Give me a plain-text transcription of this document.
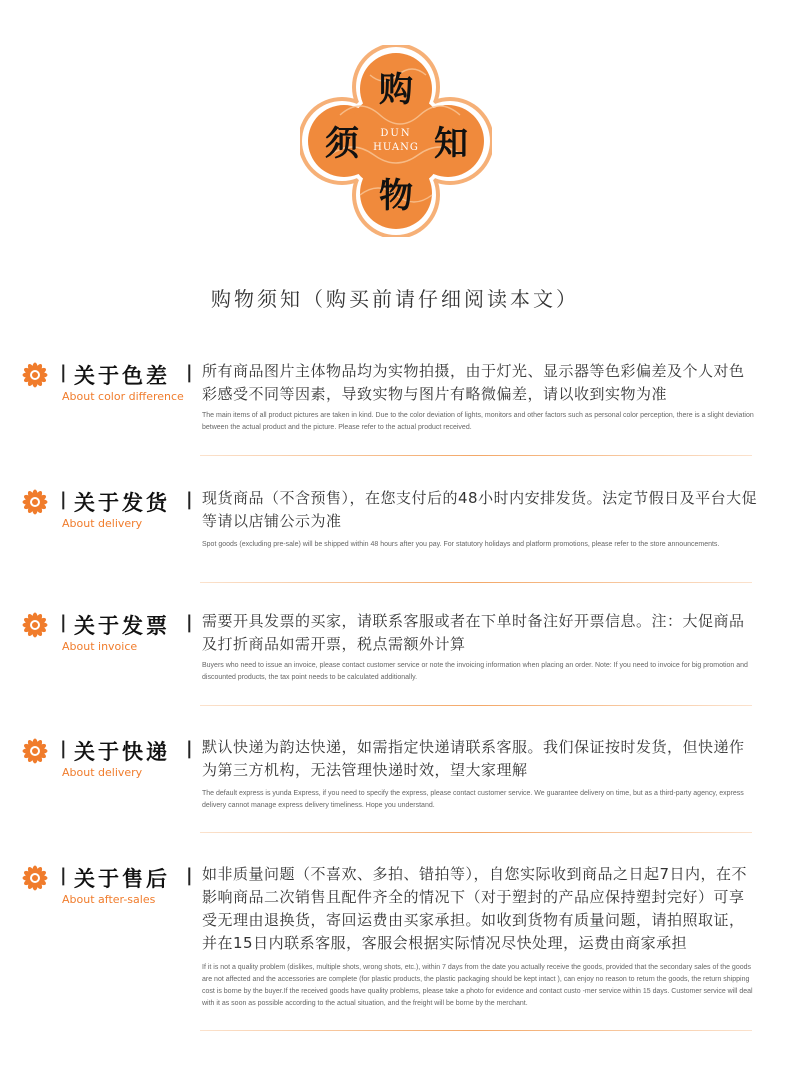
购
知
物
须 DUN
HUANG
购物须知（购买前请仔细阅读本文）
| 关于色差 |
About color difference
所有商品图片主体物品均为实物拍摄，由于灯光、显示器等色彩偏差及个人对色彩感受不同等因素，导致实物与图片有略微偏差，请以收到实物为准
The main items of all product pictures are taken in kind. Due to the color deviation of lights, monitors and other factors such as personal color perception, there is a slight deviation between the actual product and the picture. Please refer to the actual product received.
| 关于发货 |
About delivery
现货商品（不含预售），在您支付后的48小时内安排发货。法定节假日及平台大促等请以店铺公示为准
Spot goods (excluding pre-sale) will be shipped within 48 hours after you pay. For statutory holidays and platform promotions, please refer to the store announcements.
| 关于发票 |
About invoice
需要开具发票的买家，请联系客服或者在下单时备注好开票信息。注：大促商品及打折商品如需开票，税点需额外计算
Buyers who need to issue an invoice, please contact customer service or note the invoicing information when placing an order. Note: If you need to invoice for big promotion and discounted products, the tax point needs to be calculated additionally.
| 关于快递 |
About delivery
默认快递为韵达快递，如需指定快递请联系客服。我们保证按时发货，但快递作为第三方机构，无法管理快递时效，望大家理解
The default express is yunda Express, if you need to specify the express, please contact customer service. We guarantee delivery on time, but as a third-party agency, express delivery cannot manage express delivery timeliness. Hope you understand.
| 关于售后 |
About after-sales
如非质量问题（不喜欢、多拍、错拍等），自您实际收到商品之日起7日内，在不影响商品二次销售且配件齐全的情况下（对于塑封的产品应保持塑封完好）可享受无理由退换货，寄回运费由买家承担。如收到货物有质量问题，请拍照取证，并在15日内联系客服，客服会根据实际情况尽快处理，运费由商家承担
If it is not a quality problem (dislikes, multiple shots, wrong shots, etc.), within 7 days from the date you actually receive the goods, provided that the secondary sales of the goods are not affected and the accessories are complete (for plastic products, the plastic packaging should be kept intact ), can enjoy no reason to return the goods, the return shipping cost is borne by the buyer.If the received goods have quality problems, please take a photo for evidence and contact custo -mer service within 15 days. Customer service will deal with it as soon as possible according to the actual situation, and the freight will be borne by the merchant.
